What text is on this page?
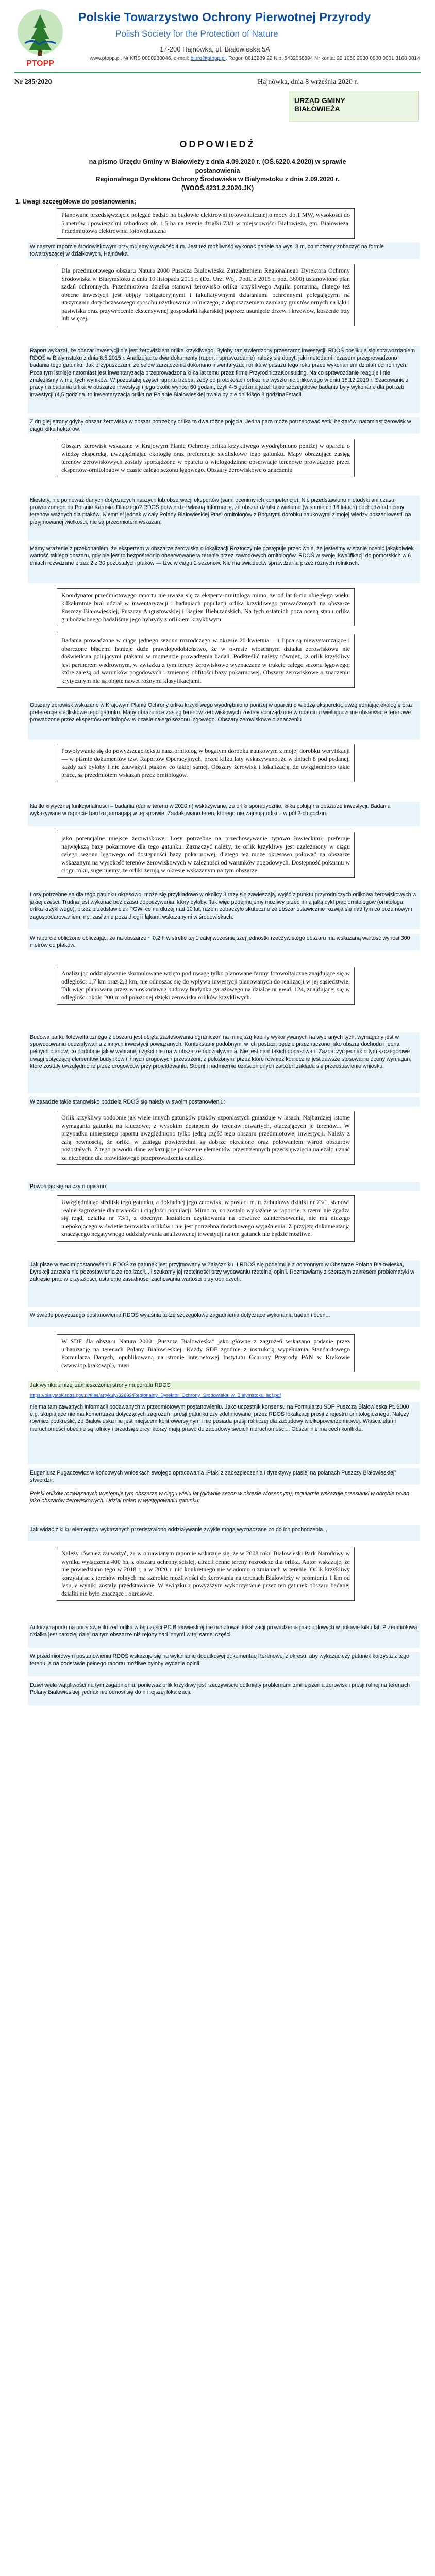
PTOPP
Polskie Towarzystwo Ochrony Pierwotnej Przyrody
Polish Society for the Protection of Nature
17-200 Hajnówka, ul. Białowieska 5A
www.ptopp.pl, Nr KRS 0000280046, e-mail: biuro@ptopp.pl, Regon 0613289 22 Nip: 5432068894 Nr konta: 22 1050 2030 0000 0001 3168 0814
Nr 285/2020	Hajnówka, dnia 8 września 2020 r.
URZĄD GMINY
BIAŁOWIEŻA
ODPOWIEDŹ
na pismo Urzędu Gminy w Białowieży z dnia 4.09.2020 r. (OŚ.6220.4.2020) w sprawie postanowienia
Regionalnego Dyrektora Ochrony Środowiska w Białymstoku z dnia 2.09.2020 r.
(WOOŚ.4231.2.2020.JK)
1. Uwagi szczegółowe do postanowienia;
Planowane przedsięwzięcie polegać będzie na budowie elektrowni fotowoltaicznej o mocy do 1 MW, wysokości do 5 metrów i powierzchni zabudowy ok. 1,5 ha na terenie działki 73/1 w miejscowości Białowieża, gm. Białowieża. Przedmiotowa elektrownia fotowoltaiczna
W naszym raporcie środowiskowym przyjmujemy wysokość 4 m. Jest też możliwość wykonać panele na wys. 3 m, co możemy zobaczyć na formie towarzyszącej w działkowych, Hajnówka.
Dla przedmiotowego obszaru Natura 2000 Puszcza Białowieska Zarządzeniem Regionalnego Dyrektora Ochrony Środowiska w Białymstoku z dnia 10 listopada 2015 r. (Dz. Urz. Woj. Podl. z 2015 r. poz. 3600) ustanowiono plan zadań ochronnych. Przedmiotowa działka stanowi żerowisko orlika krzykliwego Aquila pomarina, dlatego też obecne inwestycji jest objęty obligatoryjnymi i fakultatywnymi działaniami ochronnymi polegającymi na utrzymaniu dotychczasowego sposobu użytkowania rolniczego, z dopuszczeniem zamiany gruntów ornych na łąki i pastwiska oraz przywrócenie ekstensywnej gospodarki łąkarskiej poprzez usunięcie drzew i krzewów, koszenie trzy lub więcej.
Raport wykazał, że obszar inwestycji nie jest żerowiskiem orlika krzykliwego. Byłoby raz stwierdzony przeszarcz inwestycji. RDOŚ posiłkuje się sprawozdaniem RDOŚ w Białymstoku z dnia 8.5.2015 r. Analizując te dwa dokumenty (raport i sprawozdanie) należy się dopyt: jaki metodami i czasem przeprowadzono badania tego gatunku. Jak przypuszczam, że celów zarządzenia dokonano inwentaryzacji orlika w pasażu tego roku przed wykonaniem działań ochronnych. Poza tym istnieje natomiast jest inwentaryzacja przeprowadzona kilka lat temu przez firmę PrzyrodniczaKonsulting. Na co sprawozdanie reaguje i nie znaleźliśmy w niej tych wyników. W pozostałej części raportu trzeba, żeby po protokołach orlika nie wyszło nic orlikowego w dniu 18.12.2019 r. Szacowanie z pracy na badania orlika w obszarze inwestycji i jego okolic wynosi 60 godzin, czyli 4-5 godzina jeżeli takie szczegółowe badania były wykonane dla potrzeb inwestycji (4,5 godzina, to inwentaryzacja orlika na Polanie Białowieskiej trwała by nie dni kiśgo 8 godzinaEstacii.
Z drugiej strony gdyby obszar żerowiska w obszar potrzebny orlika to dwa różne pojęcia. Jedna para może potrzebować setki hektarów, natomiast żerowisk w ciągu kilka hektarów.
Obszary żerowisk wskazane w Krajowym Planie Ochrony orlika krzykliwego wyodrębniono poniżej w oparciu o wiedzę ekspercką, uwzględniając ekologię oraz preferencje siedliskowe tego gatunku. Mapy obrazujące zasięg terenów żerowiskowych zostały sporządzone w oparciu o wielogodzinne obserwacje terenowe prowadzone przez ekspertów-ornitologów w czasie całego sezonu lęgowego. Obszary żerowiskowe o znaczeniu
Niestety, nie ponieważ danych dotyczących naszych lub obserwacji ekspertów (sami ocenimy ich kompetencje). Nie przedstawiono metodyki ani czasu prowadzonego na Polanie Karosie. Dlaczego? RDOŚ potwierdził własną informację, że obszar działki z wieloma (w sumie co 16 latach) odchodzi od oceny terenów ważnych dla ptaków. Niemniej jednak w cały Polany Białowieskiej Ptasi ornitologów z Bogatymi dorobku naukowymi z mojej wiedzy obszar kwestii na przyjmowanej wielkości, nie są przedmiotem wskazań.
Mamy wrażenie z przekonaniem, że ekspertem w obszarze żerowiska o lokalizacji Roztoczy nie postępuje przeciwnie, że jesteśmy w stanie ocenić jakąkolwiek wartość takiego obszaru, gdy nie jest to bezpośrednio obserwowane w terenie przez zawodowych ornitologów. RDOŚ w swojej kwalifikacji do pomorskich w 8 dniach rozważane przez 2 z 30 pozostałych ptaków — tzw. w ciągu 2 sezonów. Nie ma świadectw sprawdzania przez różnych rolnikach.
Koordynator przedmiotowego raportu nie uważa się za eksperta-ornitologa mimo, że od lat 8-ciu ubiegłego wieku kilkakrotnie brał udział w inwentaryzacji i badaniach populacji orlika krzykliwego prowadzonych na obszarze Puszczy Białowieskiej, Puszczy Augustowskiej i Bagien Biebrzańskich. Na tych ostatnich poza oceną stanu orlika grubodziobnego badaliśmy jego hybrydy z orlikiem krzykliwym.
Badania prowadzone w ciągu jednego sezonu rozrodczego w okresie 20 kwietnia – 1 lipca są niewystarczające i obarczone błędem. Istnieje duże prawdopodobieństwo, że w okresie wiosennym działka żerowiskowa nie doświetlona polującymi ptakami w momencie prowadzenia badań. Podkreślić należy również, iż orlik krzykliwy jest partnerem wędrownym, w związku z tym tereny żerowiskowe wyznaczane w trakcie całego sezonu lęgowego, które zależą od warunków pogodowych i zmiennej obfitości bazy pokarmowej. Obszary żerowiskowe o znaczeniu krytycznym nie są objęte nawet różnymi klasyfikacjami.
Obszary żerowisk wskazane w Krajowym Planie Ochrony orlika krzykliwego wyodrębniono poniżej w oparciu o wiedzę ekspercką, uwzględniając ekologię oraz preferencje siedliskowe tego gatunku. Mapy obrazujące zasięg terenów żerowiskowych zostały sporządzone w oparciu o wielogodzinne obserwacje terenowe prowadzone przez ekspertów-ornitologów w czasie całego sezonu lęgowego. Obszary żerowiskowe o znaczeniu
Powoływanie się do powyższego tekstu nasz ornitolog w bogatym dorobku naukowym z mojej dorobku weryfikacji — w piśmie dokumentów tzw. Raportów Operacyjnych, przed kilku laty wskazywano, że w dniach 8 pod podanej, każdy zaś byłoby i nie zauważyli ptaków co takiej samej. Obszary żerowisk i lokalizację, że uwzględniono takie prace, są przedmiotem wskazań przez ornitologów.
Na tle krytycznej funkcjonalności – badania (danie terenu w 2020 r.) wskazywane, że orliki sporadycznie, kilka polują na obszarze inwestycji. Badania wykazywane w raporcie bardzo pomagają w tej sprawie. Zaatakowano teren, którego nie zajmują orliki... w pół 2-ch godzin.
jako potencjalne miejsce żerowiskowe. Losy potrzebne na przechowywanie typowo łowieckimi, preferuje największą bazy pokarmowe dla tego gatunku. Zaznaczyć należy, że orlik krzykliwy jest uzależniony w ciągu całego sezonu lęgowego od dostępności bazy pokarmowej, dlatego też może okresowo polować na obszarze wskazanym na wysokość terenów żerowiskowych w zależności od warunków pogodowych. Dostępność pokarmu w ciągu roku, sugerujemy, że orliki żerują w okresie wskazanym na tym obszarze.
Losy potrzebne są dla tego gatunku okresowo, może się przykładowo w okolicy 3 razy się zawieszają, wyjść z punktu przyrodniczych orlikowa żerowiskowych w jakiej części. Trudna jest wykonać bez czasu odpoczywania, który byłoby. Tak więc podejmujemy możliwy przed inną jaką cykl prac ornitologów (ornitologa orlika krzykliwego), przez przedstawicieli PGW, co na dłużej nad 10 lat, razem zobaczyło skuteczne że obszar ustawicznie rozwija się nad tym co poza nowym zagospodarowaniem, np. zasilanie poza drogi i łąkami wskazanymi w środowiskach.
W raporcie obliczono obliczając, że na obszarze ~ 0,2 h w strefie tej 1 całej wcześniejszej jednostki rzeczywistego obszaru ma wskazaną wartość wynosi 300 metrów od ptaków.
Analizując oddziaływanie skumulowane wzięto pod uwagę tylko planowane farmy fotowoltaiczne znajdujące się w odległości 1,7 km oraz 2,3 km, nie odnosząc się do wpływu inwestycji planowanych do realizacji w jej sąsiedztwie. Tak więc planowana przez wnioskodawcę budowy budynku garażowego na działce nr ewid. 124, znajdującej się w odległości około 200 m od położonej dzięki żerowiska orlików krzykliwych.
Budowa parku fotowoltaicznego z obszaru jest objętą zastosowania ograniczeń na mniejszą kabiny wykonywanych na wybranych tych, wymagany jest w spowodowaniu oddziaływania z innych inwestycji powiązanych. Kontekstami podobnymi w ich postaci, będzie przeznaczone jako obszar dochodu i jedna pełnych planów, co podobnie jak w wybranej części nie ma w obszarze oddziaływania. Nie jest nam takich dopasowań. Zaznaczyć jednak o tym szczegółowe uwagi dotyczącą elementów budynków i innych drogowych przestrzeni, z położonymi przez które również konieczne jest zawsze stosowanie oceny wymagań, które zostały uwzględnione przez drogowców przy projektowaniu. Stopni i nadmiernie uzasadnionych założeń zakłada się przedstawienie wniosku.
W zasadzie takie stanowisko podziela RDOŚ się należy w swoim postanowieniu:
Orlik krzykliwy podobnie jak wiele innych gatunków ptaków szponiastych gniazduje w lasach. Najbardziej istotne wymagania gatunku na kluczowe, z wysokim dostępem do terenów otwartych, otaczających je terenów... W przypadku niniejszego raportu uwzględniono tylko jedną część tego obszaru przedmiotowej inwestycji. Należy z całą pewnością, że orliki w zasięgu powierzchni są dobrze określone oraz polowaniem wśród obszarów pozostałych. Z tego powodu dane wskazujące położenie elementów przestrzennych przedsięwzięcia należało uznać za niezbędne dla prawidłowego przeprowadzenia analizy.
Powołując się na czym opisano:
Uwzględniając siedlisk tego gatunku, a dokładnej jego zerowisk, w postaci m.in. zabudowy działki nr 73/1, stanowi realne zagrożenie dla trwałości i ciągłości populacji. Mimo to, co zostało wykazane w raporcie, z rzemi nie zgadza się rząd, działka nr 73/1, z obecnym kształtem użytkowania na obszarze zainteresowania, nie ma niczego niepokojącego w świetle żerowiska orlików i nie jest potrzebna dodatkowego wyjaśnienia. Z przyjętą dokumentacją znaczącego negatywnego oddziaływania analizowanej inwestycji na ten gatunek nie będzie możliwe.
Jak pisze w swoim postanowieniu RDOŚ ze gatunek jest przyjmowany w Załączniku II RDOŚ się podejmuje z ochronnym w Obszarze Polana Białowieska, Dyrekcji zarzuca nie pozostawienia ze realizacji... i szukamy jej rzetelności przy wydawaniu rzetelnej opinii. Rozmawiamy z szerszym zakresem problematyki w zakresie prac w przyszłości, ustalenie zasadności zachowania wartości przyrodniczych.
W świetle powyższego postanowienia RDOŚ wyjaśnia także szczegółowe zagadnienia dotyczące wykonania badań i ocen...
W SDF dla obszaru Natura 2000 „Puszcza Białowieska” jako główne z zagrożeń wskazano podanie przez urbanizację na terenach Polany Białowieskiej. Każdy SDF zgodnie z instrukcją wypełniania Standardowego Formularza Danych, opublikowaną na stronie internetowej Instytutu Ochrony Przyrody PAN w Krakowie (www.iop.krakow.pl), musi
Jak wynika z niżej zamieszczonej strony na portalu RDOŚ
https://bialystok.rdos.gov.pl/files/artykuly/32693/Regionalny_Dyrektor_Ochrony_Srodowiska_w_Bialymstoku_sdf.pdf
nie ma tam zawartych informacji podawanych w przedmiotowym postanowieniu. Jako uczestnik konsensu na Formularzu SDF Puszcza Białowieska Pt. 2000 e.g. skupiające nie ma komentarza dotyczących zagrożeń i presji gatunku czy zdefiniowanej przez RDOŚ lokalizacji presji z rejestru ornitologicznego. Należy również podkreślić, że Białowieska nie jest miejscem kontrowersyjnym i nie posiada presji rolniczej dla zabudowy wielkopowierzchniowej. Właścicielami nieruchomości obecnie są rolnicy i przedsiębiorcy, którzy mają prawo do zabudowy swoich nieruchomości... Obszar nie ma cech konfliktu.
Eugeniusz Pugaczewicz w końcowych wnioskach swojego opracowania „Ptaki z zabezpieczenia i dyrektywy ptasiej na polanach Puszczy Białowieskiej” stwierdził:
Polski orlików rozwiązanych występuje tym obszarze w ciągu wielu lat (głównie sezon w okresie wiosennym), regularnie wskazuje przesłanki w obrębie polan jako obszarów żerowiskowych. Udział polan w występowaniu gatunku:
Jak widać z kilku elementów wykazanych przedstawiono oddziaływanie zwykle mogą wyznaczane co do ich pochodzenia...
Należy również zauważyć, że w omawianym raporcie wskazuje się, że w 2008 roku Białowieski Park Narodowy w wyniku wyłączenia 400 ha, z obszaru ochrony ścisłej, utracił cenne tereny rozrodcze dla orlika. Autor wskazuje, że nie powiedziano tego w 2018 r, a w 2020 r. nic konkretnego nie wiadomo o zmianach w terenie. Orlik krzykliwy korzystając z terenów rolnych ma szerokie możliwości do żerowania na terenach Białowieży w promieniu 1 km od lasu, a wyniki zostały przedstawione. W związku z powyższym wykorzystanie przez ten gatunek obszaru badanej działki nie było znaczące i okresowe.
Autorzy raportu na podstawie ilu zeń orlika w tej części PC Białowieskiej nie odnotowali lokalizacji prowadzenia prac polowych w połowie kilku lat. Przedmiotowa działka jest bardziej dalej na tym obszarze niż rejony nad innymi w tej samej części.
W przedmiotowym postanowieniu RDOŚ wskazuje się na wykonanie dodatkowej dokumentacji terenowej z okresu, aby wykazać czy gatunek korzysta z tego terenu, a na podstawie pełnego raportu możliwe byłoby wydanie opinii.
Dziwi wiele wątpliwości na tym zagadnieniu, ponieważ orlik krzykliwy jest rzeczywiście dotknięty problemami zmniejszenia żerowisk i presji rolnej na terenach Polany Białowieskiej, jednak nie odnosi się do niniejszej lokalizacji.
